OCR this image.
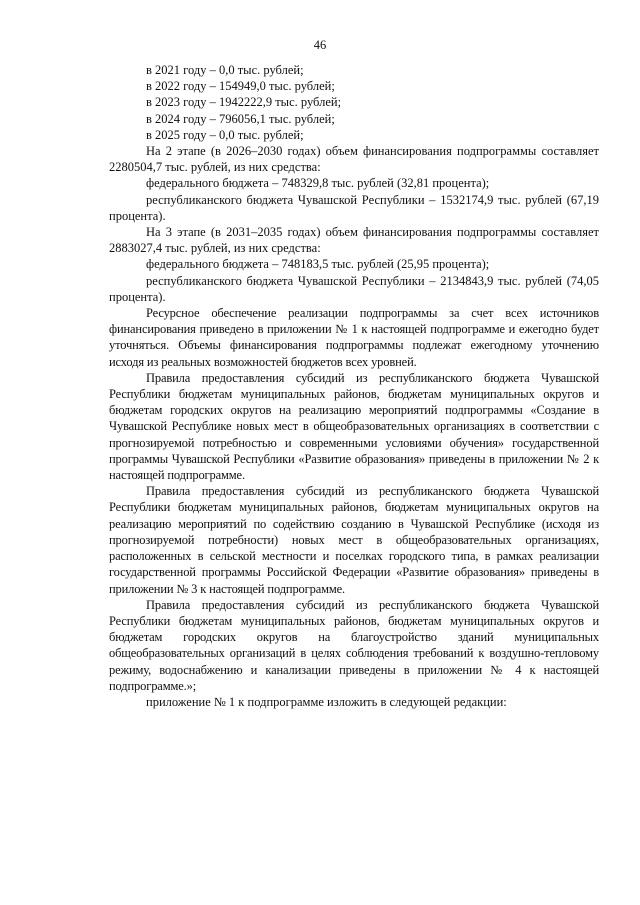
46

в 2021 году – 0,0 тыс. рублей;

в 2022 году – 154949,0 тыс. рублей;

в 2023 году – 1942222,9 тыс. рублей;

в 2024 году – 796056,1 тыс. рублей;

в 2025 году – 0,0 тыс. рублей;

На 2 этапе (в 2026–2030 годах) объем финансирования подпрограммы составляет 2280504,7 тыс. рублей, из них средства:

федерального бюджета – 748329,8 тыс. рублей (32,81 процента);

республиканского бюджета Чувашской Республики – 1532174,9 тыс. рублей (67,19 процента).

На 3 этапе (в 2031–2035 годах) объем финансирования подпрограммы составляет 2883027,4 тыс. рублей, из них средства:

федерального бюджета – 748183,5 тыс. рублей (25,95 процента);

республиканского бюджета Чувашской Республики – 2134843,9 тыс. рублей (74,05 процента).

Ресурсное обеспечение реализации подпрограммы за счет всех источников финансирования приведено в приложении № 1 к настоящей подпрограмме и ежегодно будет уточняться. Объемы финансирования подпрограммы подлежат ежегодному уточнению исходя из реальных возможностей бюджетов всех уровней.

Правила предоставления субсидий из республиканского бюджета Чувашской Республики бюджетам муниципальных районов, бюджетам муниципальных округов и бюджетам городских округов на реализацию мероприятий подпрограммы «Создание в Чувашской Республике новых мест в общеобразовательных организациях в соответствии с прогнозируемой потребностью и современными условиями обучения» государственной программы Чувашской Республики «Развитие образования» приведены в приложении № 2 к настоящей подпрограмме.

Правила предоставления субсидий из республиканского бюджета Чувашской Республики бюджетам муниципальных районов, бюджетам муниципальных округов на реализацию мероприятий по содействию созданию в Чувашской Республике (исходя из прогнозируемой потребности) новых мест в общеобразовательных организациях, расположенных в сельской местности и поселках городского типа, в рамках реализации государственной программы Российской Федерации «Развитие образования» приведены в приложении № 3 к настоящей подпрограмме.

Правила предоставления субсидий из республиканского бюджета Чувашской Республики бюджетам муниципальных районов, бюджетам муниципальных округов и бюджетам городских округов на благоустройство зданий муниципальных общеобразовательных организаций в целях соблюдения требований к воздушно-тепловому режиму, водоснабжению и канализации приведены в приложении № 4 к настоящей подпрограмме.»;

приложение № 1 к подпрограмме изложить в следующей редакции:
